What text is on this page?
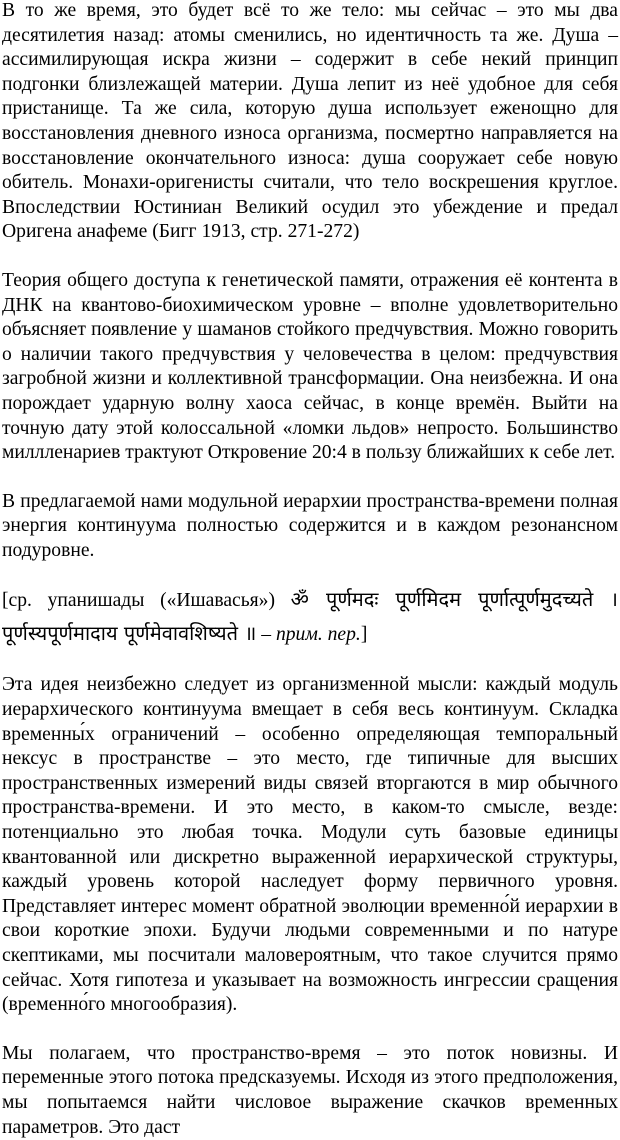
В то же время, это будет всё то же тело: мы сейчас – это мы два десятилетия назад: атомы сменились, но идентичность та же. Душа – ассимилирующая искра жизни – содержит в себе некий принцип подгонки близлежащей материи. Душа лепит из неё удобное для себя пристанище. Та же сила, которую душа использует еженощно для восстановления дневного износа организма, посмертно направляется на восстановление окончательного износа: душа сооружает себе новую обитель. Монахи-оригенисты считали, что тело воскрешения круглое. Впоследствии Юстиниан Великий осудил это убеждение и предал Оригена анафеме (Бигг 1913, стр. 271-272)

Теория общего доступа к генетической памяти, отражения её контента в ДНК на квантово-биохимическом уровне – вполне удовлетворительно объясняет появление у шаманов стойкого предчувствия. Можно говорить о наличии такого предчувствия у человечества в целом: предчувствия загробной жизни и коллективной трансформации. Она неизбежна. И она порождает ударную волну хаоса сейчас, в конце времён. Выйти на точную дату этой колоссальной «ломки льдов» непросто. Большинство миллленариев трактуют Откровение 20:4 в пользу ближайших к себе лет.

В предлагаемой нами модульной иерархии пространства-времени полная энергия континуума полностью содержится и в каждом резонансном подуровне.

[ср. упанишады («Ишавасья») ॐ पूर्णमदः पूर्णमिदम पूर्णात्पूर्णमुदच्यते । पूर्णस्यपूर्णमादाय पूर्णमेवावशिष्यते ॥ – прим. пер.]

Эта идея неизбежно следует из организменной мысли: каждый модуль иерархического континуума вмещает в себя весь континуум. Складка временны́х ограничений – особенно определяющая темпоральный нексус в пространстве – это место, где типичные для высших пространственных измерений виды связей вторгаются в мир обычного пространства-времени. И это место, в каком-то смысле, везде: потенциально это любая точка. Модули суть базовые единицы квантованной или дискретно выраженной иерархической структуры, каждый уровень которой наследует форму первичного уровня. Представляет интерес момент обратной эволюции временно́й иерархии в свои короткие эпохи. Будучи людьми современными и по натуре скептиками, мы посчитали маловероятным, что такое случится прямо сейчас. Хотя гипотеза и указывает на возможность ингрессии сращения (временно́го многообразия).

Мы полагаем, что пространство-время – это поток новизны. И переменные этого потока предсказуемы. Исходя из этого предположения, мы попытаемся найти числовое выражение скачков временных параметров. Это даст
